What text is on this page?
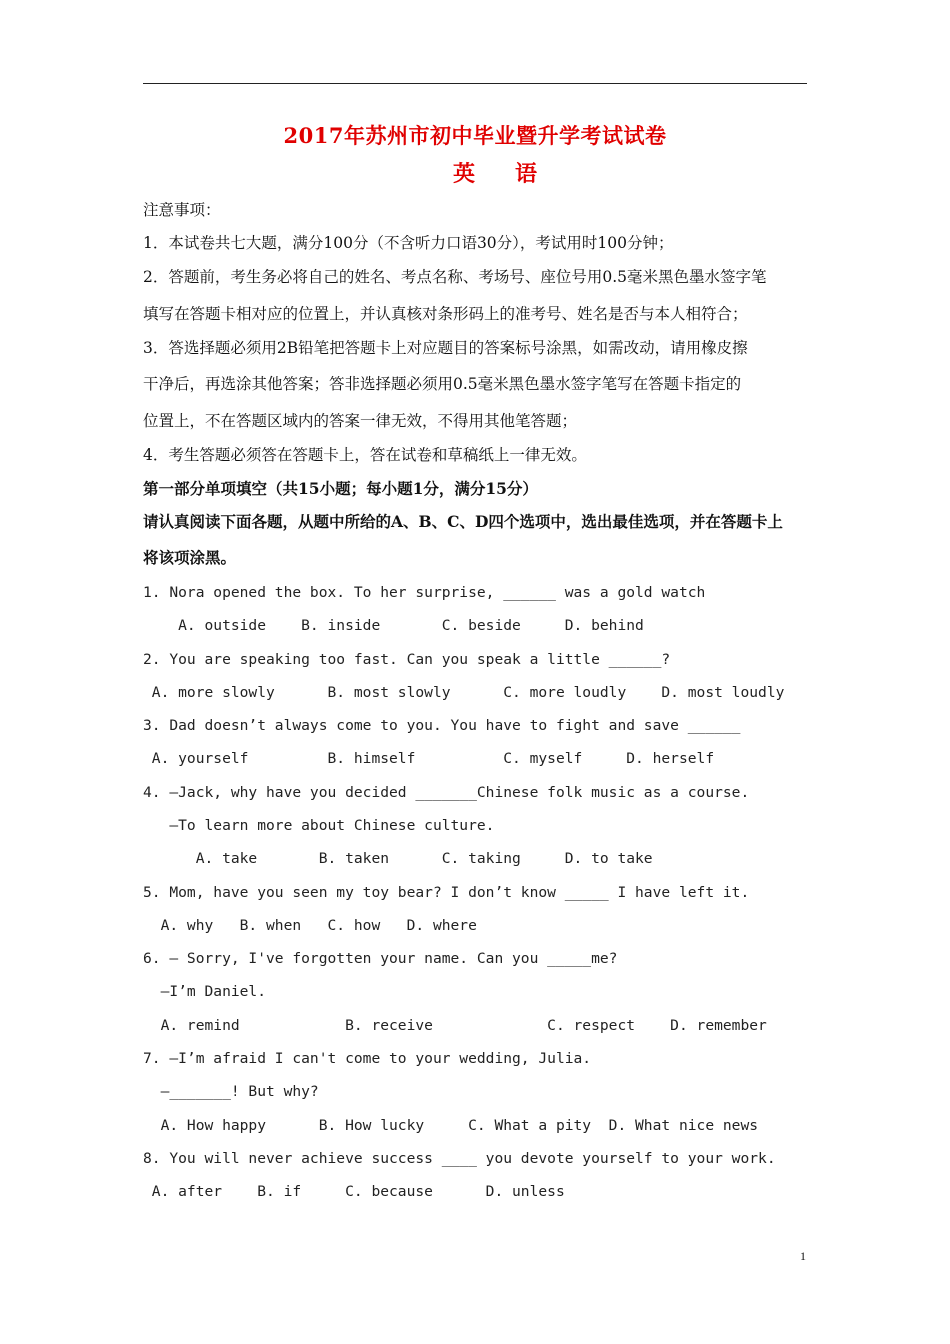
2017年苏州市初中毕业暨升学考试试卷
英语
注意事项：
1．本试卷共七大题，满分100分（不含听力口语30分），考试用时100分钟；
2．答题前，考生务必将自己的姓名、考点名称、考场号、座位号用0.5毫米黑色墨水签字笔
填写在答题卡相对应的位置上，并认真核对条形码上的准考号、姓名是否与本人相符合；
3．答选择题必须用2B铅笔把答题卡上对应题目的答案标号涂黑，如需改动，请用橡皮擦
干净后，再选涂其他答案；答非选择题必须用0.5毫米黑色墨水签字笔写在答题卡指定的
位置上，不在答题区域内的答案一律无效，不得用其他笔答题；
4．考生答题必须答在答题卡上，答在试卷和草稿纸上一律无效。
第一部分单项填空（共15小题；每小题1分，满分15分）
请认真阅读下面各题，从题中所给的A、B、C、D四个选项中，选出最佳选项，并在答题卡上
将该项涂黑。
1. Nora opened the box. To her surprise, ______ was a gold watch
A. outside    B. inside       C. beside     D. behind
2. You are speaking too fast. Can you speak a little ______?
A. more slowly      B. most slowly      C. more loudly    D. most loudly
3. Dad doesn’t always come to you. You have to fight and save ______
A. yourself         B. himself          C. myself     D. herself
4. —Jack, why have you decided _______Chinese folk music as a course.
—To learn more about Chinese culture.
A. take       B. taken      C. taking     D. to take
5. Mom, have you seen my toy bear? I don’t know _____ I have left it.
A. why   B. when   C. how   D. where
6. — Sorry, I've forgotten your name. Can you _____me?
—I’m Daniel.
A. remind            B. receive             C. respect    D. remember
7. —I’m afraid I can't come to your wedding, Julia.
—_______! But why?
A. How happy      B. How lucky     C. What a pity  D. What nice news
8. You will never achieve success ____ you devote yourself to your work.
A. after    B. if     C. because      D. unless
1
